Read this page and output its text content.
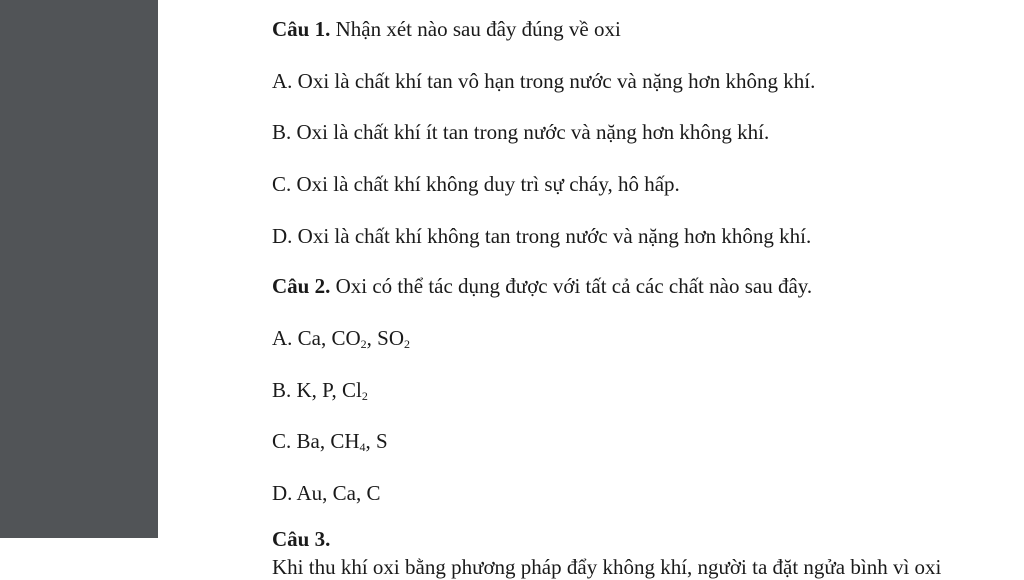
Câu 1. Nhận xét nào sau đây đúng về oxi

A. Oxi là chất khí tan vô hạn trong nước và nặng hơn không khí.

B. Oxi là chất khí ít tan trong nước và nặng hơn không khí.

C. Oxi là chất khí không duy trì sự cháy, hô hấp.

D. Oxi là chất khí không tan trong nước và nặng hơn không khí.

Câu 2. Oxi có thể tác dụng được với tất cả các chất nào sau đây.

A. Ca, $CO_2$, $SO_2$

B. K, P, $Cl_2$

C. Ba, $CH_4$, S

D. Au, Ca, C

Câu 3.
Khi thu khí oxi bằng phương pháp đẩy không khí, người ta đặt ngửa bình vì oxi
